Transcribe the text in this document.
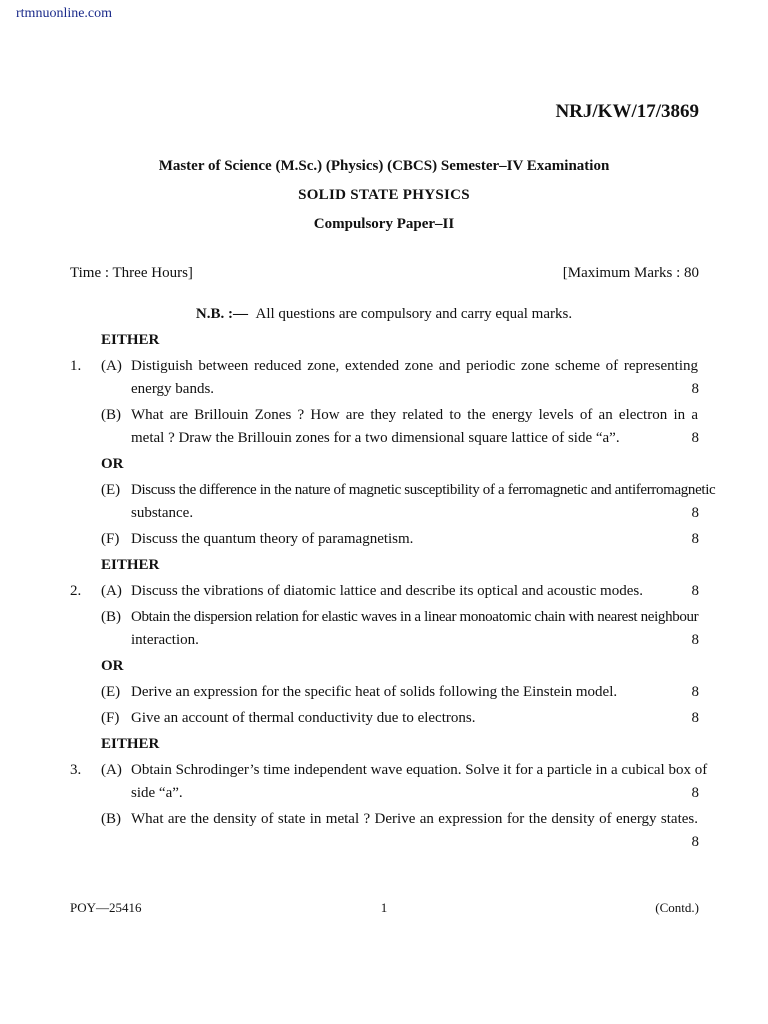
rtmnuonline.com
NRJ/KW/17/3869
Master of Science (M.Sc.) (Physics) (CBCS) Semester–IV Examination
SOLID STATE PHYSICS
Compulsory Paper–II
Time : Three Hours]	[Maximum Marks : 80
N.B. :— All questions are compulsory and carry equal marks.
EITHER
1. (A) Distiguish between reduced zone, extended zone and periodic zone scheme of representing
energy bands.	8
(B) What are Brillouin Zones ? How are they related to the energy levels of an electron in a
metal ? Draw the Brillouin zones for a two dimensional square lattice of side “a”.	8
OR
(E) Discuss the difference in the nature of magnetic susceptibility of a ferromagnetic and antiferromagnetic
substance.	8
(F) Discuss the quantum theory of paramagnetism.	8
EITHER
2. (A) Discuss the vibrations of diatomic lattice and describe its optical and acoustic modes.	8
(B) Obtain the dispersion relation for elastic waves in a linear monoatomic chain with nearest neighbour
interaction.	8
OR
(E) Derive an expression for the specific heat of solids following the Einstein model.	8
(F) Give an account of thermal conductivity due to electrons.	8
EITHER
3. (A) Obtain Schrodinger’s time independent wave equation. Solve it for a particle in a cubical box of
side “a”.	8
(B) What are the density of state in metal ? Derive an expression for the density of energy states.
8
POY—25416	1	(Contd.)
